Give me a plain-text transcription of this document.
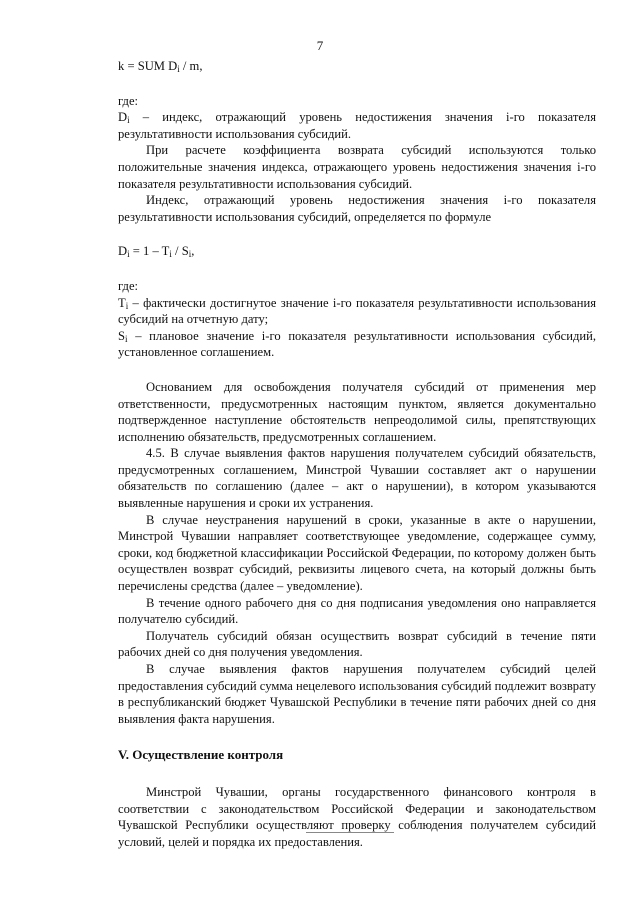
7

k = SUM $D_i$ / m,

где:

$D_i$ – индекс, отражающий уровень недостижения значения i-го показателя результативности использования субсидий.

При расчете коэффициента возврата субсидий используются только положительные значения индекса, отражающего уровень недостижения значения i-го показателя результативности использования субсидий.

Индекс, отражающий уровень недостижения значения i-го показателя результативности использования субсидий, определяется по формуле

$D_i = 1 - T_i / S_i$,

где:

$T_i$ – фактически достигнутое значение i-го показателя результативности использования субсидий на отчетную дату;

$S_i$ – плановое значение i-го показателя результативности использования субсидий, установленное соглашением.

Основанием для освобождения получателя субсидий от применения мер ответственности, предусмотренных настоящим пунктом, является документально подтвержденное наступление обстоятельств непреодолимой силы, препятствующих исполнению обязательств, предусмотренных соглашением.

4.5. В случае выявления фактов нарушения получателем субсидий обязательств, предусмотренных соглашением, Минстрой Чувашии составляет акт о нарушении обязательств по соглашению (далее – акт о нарушении), в котором указываются выявленные нарушения и сроки их устранения.

В случае неустранения нарушений в сроки, указанные в акте о нарушении, Минстрой Чувашии направляет соответствующее уведомление, содержащее сумму, сроки, код бюджетной классификации Российской Федерации, по которому должен быть осуществлен возврат субсидий, реквизиты лицевого счета, на который должны быть перечислены средства (далее – уведомление).

В течение одного рабочего дня со дня подписания уведомления оно направляется получателю субсидий.

Получатель субсидий обязан осуществить возврат субсидий в течение пяти рабочих дней со дня получения уведомления.

В случае выявления фактов нарушения получателем субсидий целей предоставления субсидий сумма нецелевого использования субсидий подлежит возврату в республиканский бюджет Чувашской Республики в течение пяти рабочих дней со дня выявления факта нарушения.

V. Осуществление контроля

Минстрой Чувашии, органы государственного финансового контроля в соответствии с законодательством Российской Федерации и законодательством Чувашской Республики осуществляют проверку соблюдения получателем субсидий условий, целей и порядка их предоставления.
